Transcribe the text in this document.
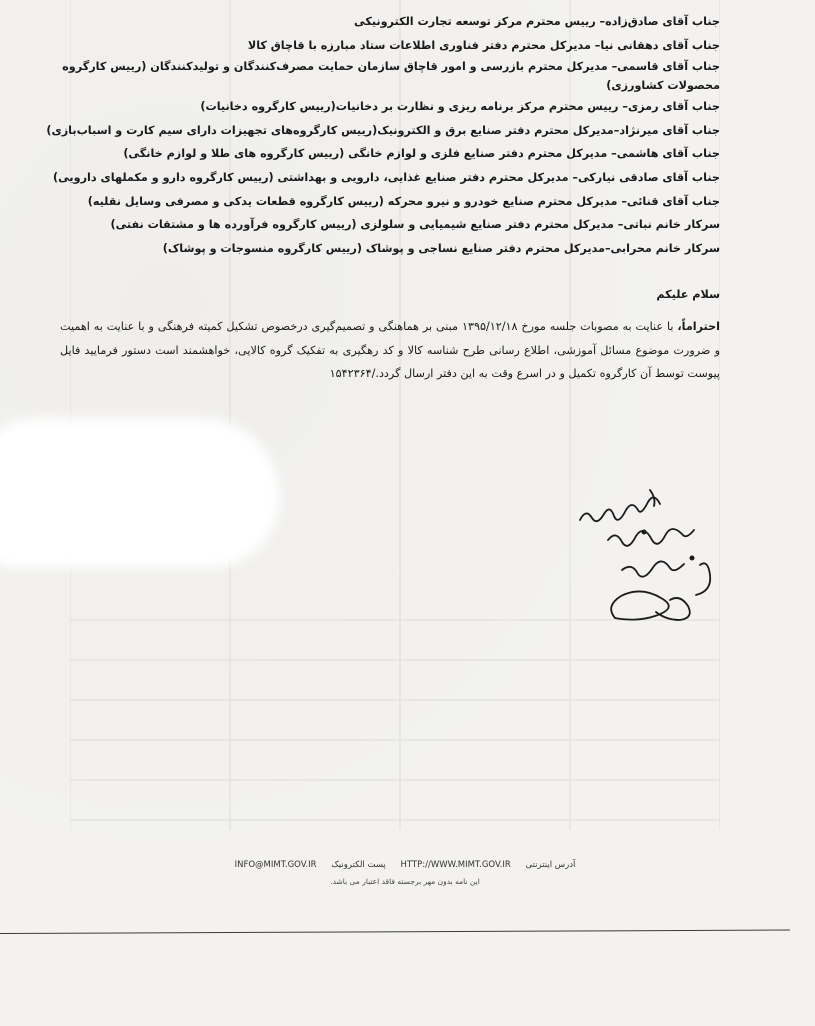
جناب آقای صادق‌زاده– رییس محترم مرکز توسعه تجارت الکترونیکی
جناب آقای دهقانی نیا– مدیرکل محترم دفتر فناوری اطلاعات ستاد مبارزه با قاچاق کالا
جناب آقای قاسمی– مدیرکل محترم بازرسی و امور قاچاق سازمان حمایت مصرف‌کنندگان و تولیدکنندگان (رییس کارگروه محصولات کشاورزی)
جناب آقای رمزی– رییس محترم مرکز برنامه ریزی و نظارت بر دخانیات(رییس کارگروه دخانیات)
جناب آقای میرنژاد–مدیرکل محترم دفتر صنایع برق و الکترونیک(رییس کارگروه‌های تجهیزات دارای سیم کارت و اسباب‌بازی)
جناب آقای هاشمی– مدیرکل محترم دفتر صنایع فلزی و لوازم خانگی (رییس کارگروه های طلا و لوازم خانگی)
جناب آقای صادقی نیارکی– مدیرکل محترم دفتر صنایع غذایی، دارویی و بهداشتی (رییس کارگروه دارو و مکملهای دارویی)
جناب آقای قنائی– مدیرکل محترم صنایع خودرو و نیرو محرکه (رییس کارگروه قطعات یدکی و مصرفی وسایل نقلیه)
سرکار خانم نباتی– مدیرکل محترم دفتر صنایع شیمیایی و سلولزی (رییس کارگروه فرآورده ها و مشتقات نفتی)
سرکار خانم محرابی–مدیرکل محترم دفتر صنایع نساجی و پوشاک (رییس کارگروه منسوجات و پوشاک)
سلام علیکم
احتراماً، با عنایت به مصوبات جلسه مورخ ۱۳۹۵/۱۲/۱۸ مبنی بر هماهنگی و تصمیم‌گیری درخصوص تشکیل کمیته فرهنگی و با عنایت به اهمیت و ضرورت موضوع مسائل آموزشی، اطلاع رسانی طرح شناسه کالا و کد رهگیری به تفکیک گروه کالایی، خواهشمند است دستور فرمایید فایل پیوست توسط آن کارگروه تکمیل و در اسرع وقت به این دفتر ارسال گردد./۱۵۴۲۳۶۴
INFO@MIMT.GOV.IR پست الکترونیک HTTP://WWW.MIMT.GOV.IR آدرس اینترنتی
این نامه بدون مهر برجسته فاقد اعتبار می باشد.
